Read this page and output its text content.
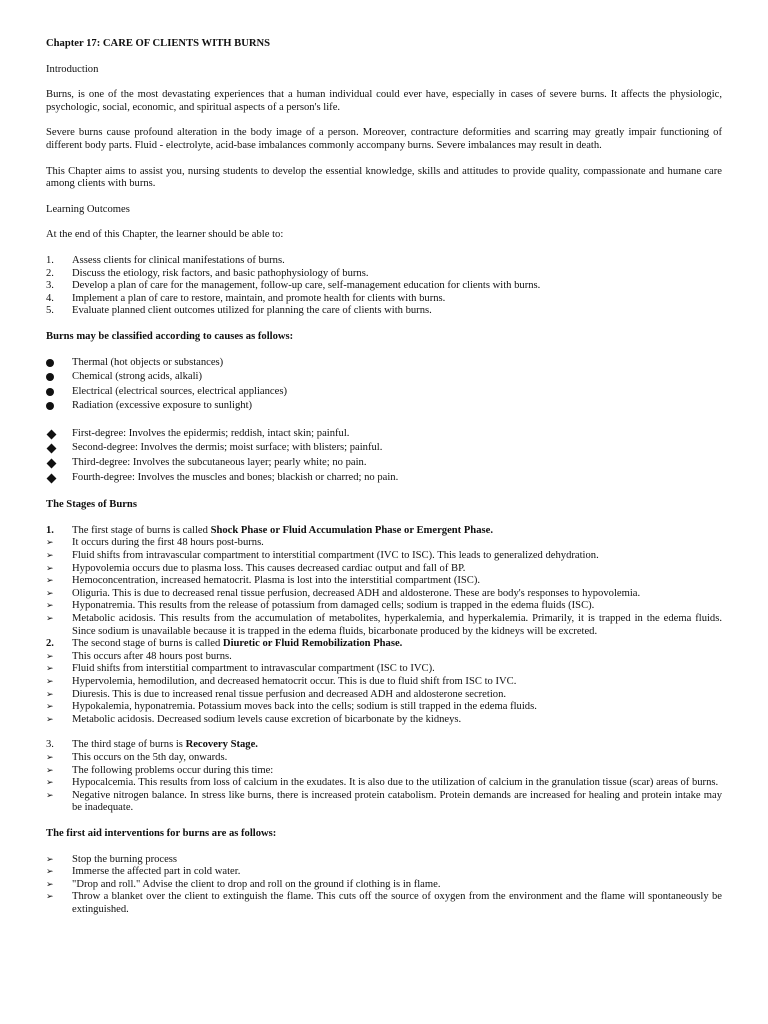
Chapter 17: CARE OF CLIENTS WITH BURNS

Introduction

Burns, is one of the most devastating experiences that a human individual could ever have, especially in cases of severe burns. It affects the physiologic, psychologic, social, economic, and spiritual aspects of a person's life.

Severe burns cause profound alteration in the body image of a person. Moreover, contracture deformities and scarring may greatly impair functioning of different body parts. Fluid - electrolyte, acid-base imbalances commonly accompany burns. Severe imbalances may result in death.

This Chapter aims to assist you, nursing students to develop the essential knowledge, skills and attitudes to provide quality, compassionate and humane care among clients with burns.

Learning Outcomes

At the end of this Chapter, the learner should be able to:

1.	Assess clients for clinical manifestations of burns.
2.	Discuss the etiology, risk factors, and basic pathophysiology of burns.
3.	Develop a plan of care for the management, follow-up care, self-management education for clients with burns.
4.	Implement a plan of care to restore, maintain, and promote health for clients with burns.
5.	Evaluate planned client outcomes utilized for planning the care of clients with burns.

Burns may be classified according to causes as follows:

Thermal (hot objects or substances)
Chemical (strong acids, alkali)
Electrical (electrical sources, electrical appliances)
Radiation (excessive exposure to sunlight)
First-degree: Involves the epidermis; reddish, intact skin; painful.
Second-degree: Involves the dermis; moist surface; with blisters; painful.
Third-degree: Involves the subcutaneous layer; pearly white; no pain.
Fourth-degree: Involves the muscles and bones; blackish or charred; no pain.

The Stages of Burns

1.	The first stage of burns is called Shock Phase or Fluid Accumulation Phase or Emergent Phase.
➢	It occurs during the first 48 hours post-burns.
➢	Fluid shifts from intravascular compartment to interstitial compartment (IVC to ISC). This leads to generalized dehydration.
➢	Hypovolemia occurs due to plasma loss. This causes decreased cardiac output and fall of BP.
➢	Hemoconcentration, increased hematocrit. Plasma is lost into the interstitial compartment (ISC).
➢	Oliguria. This is due to decreased renal tissue perfusion, decreased ADH and aldosterone. These are body's responses to hypovolemia.
➢	Hyponatremia. This results from the release of potassium from damaged cells; sodium is trapped in the edema fluids (ISC).
➢	Metabolic acidosis. This results from the accumulation of metabolites, hyperkalemia, and hyperkalemia. Primarily, it is trapped in the edema fluids. Since sodium is unavailable because it is trapped in the edema fluids, bicarbonate produced by the kidneys will be excreted.
2.	The second stage of burns is called Diuretic or Fluid Remobilization Phase.
➢	This occurs after 48 hours post burns.
➢	Fluid shifts from interstitial compartment to intravascular compartment (ISC to IVC).
➢	Hypervolemia, hemodilution, and decreased hematocrit occur. This is due to fluid shift from ISC to IVC.
➢	Diuresis. This is due to increased renal tissue perfusion and decreased ADH and aldosterone secretion.
➢	Hypokalemia, hyponatremia. Potassium moves back into the cells; sodium is still trapped in the edema fluids.
➢	Metabolic acidosis. Decreased sodium levels cause excretion of bicarbonate by the kidneys.
3.	The third stage of burns is Recovery Stage.
➢	This occurs on the 5th day, onwards.
➢	The following problems occur during this time:
➢	Hypocalcemia. This results from loss of calcium in the exudates. It is also due to the utilization of calcium in the granulation tissue (scar) areas of burns.
➢	Negative nitrogen balance. In stress like burns, there is increased protein catabolism. Protein demands are increased for healing and protein intake may be inadequate.

The first aid interventions for burns are as follows:

➢	Stop the burning process
➢	Immerse the affected part in cold water.
➢	"Drop and roll." Advise the client to drop and roll on the ground if clothing is in flame.
➢	Throw a blanket over the client to extinguish the flame. This cuts off the source of oxygen from the environment and the flame will spontaneously be extinguished.
